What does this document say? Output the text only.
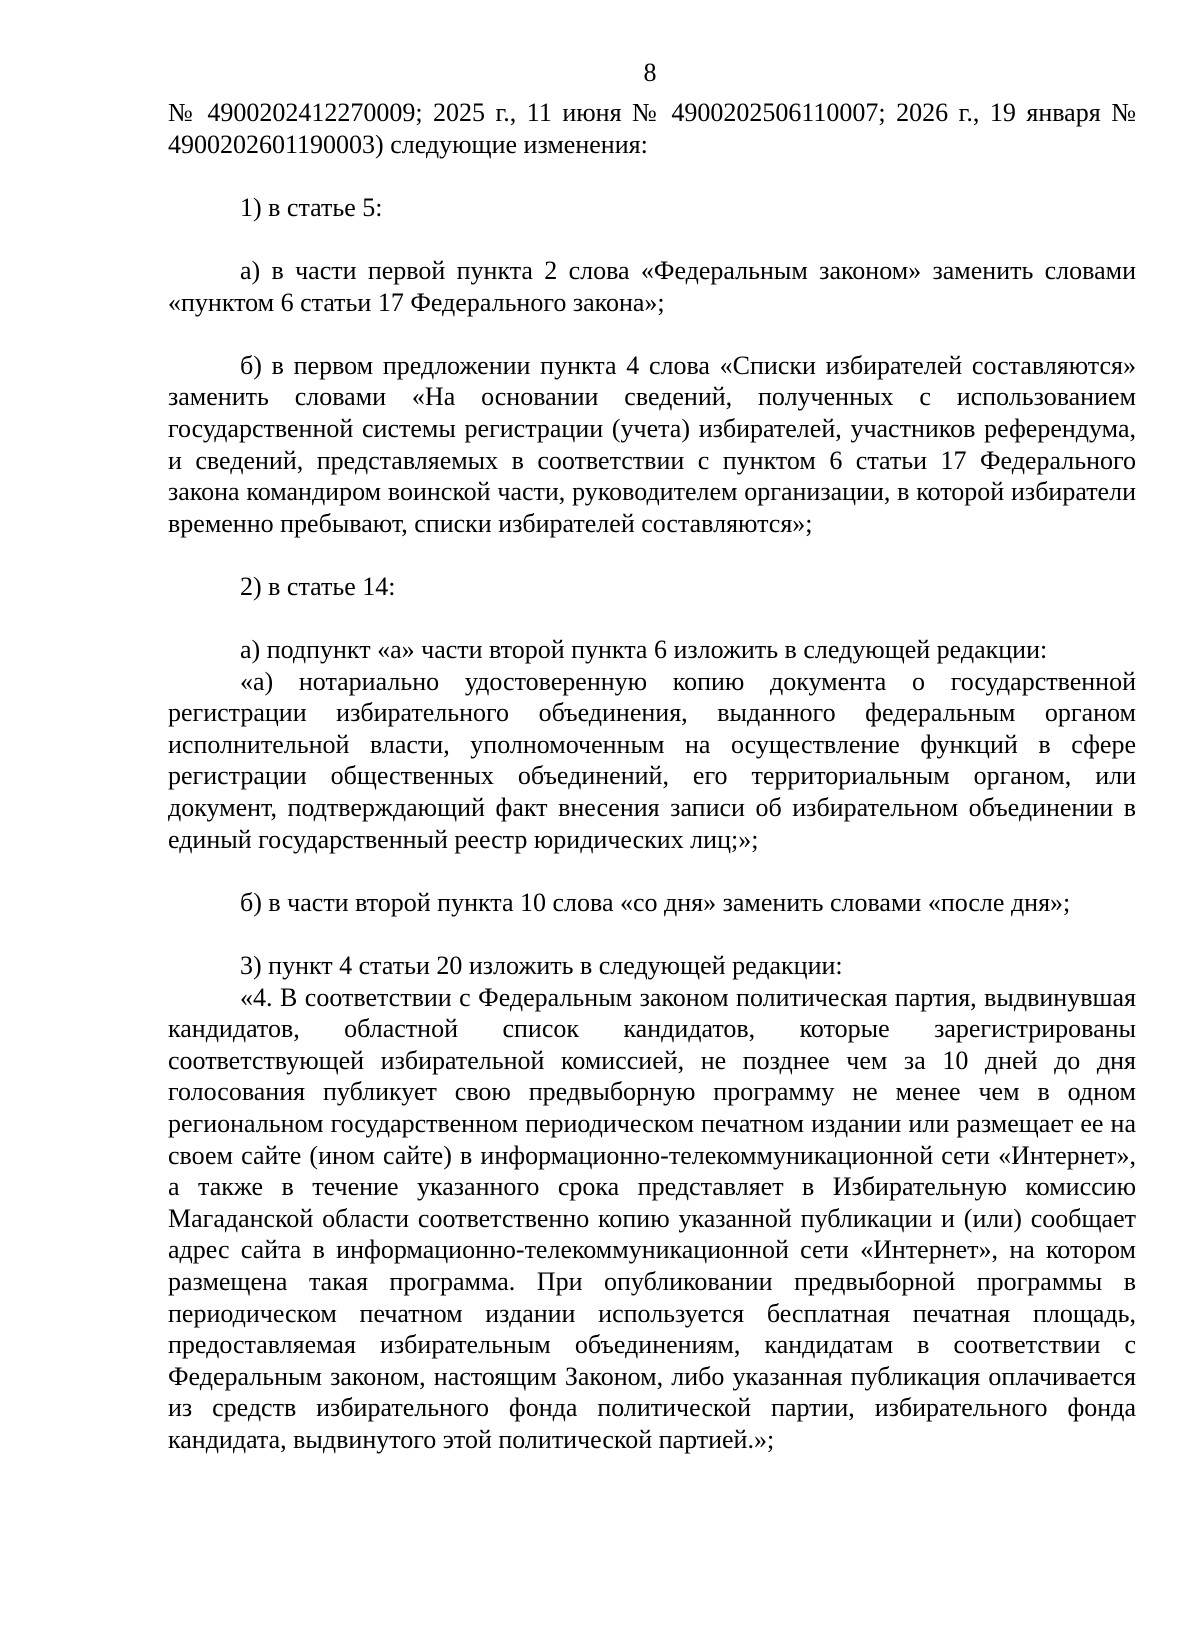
8

№ 4900202412270009; 2025 г., 11 июня № 4900202506110007; 2026 г., 19 января № 4900202601190003) следующие изменения:

1) в статье 5:

а) в части первой пункта 2 слова «Федеральным законом» заменить словами «пунктом 6 статьи 17 Федерального закона»;

б) в первом предложении пункта 4 слова «Списки избирателей составляются» заменить словами «На основании сведений, полученных с использованием государственной системы регистрации (учета) избирателей, участников референдума, и сведений, представляемых в соответствии с пунктом 6 статьи 17 Федерального закона командиром воинской части, руководителем организации, в которой избиратели временно пребывают, списки избирателей составляются»;

2) в статье 14:

а) подпункт «а» части второй пункта 6 изложить в следующей редакции:

«а) нотариально удостоверенную копию документа о государственной регистрации избирательного объединения, выданного федеральным органом исполнительной власти, уполномоченным на осуществление функций в сфере регистрации общественных объединений, его территориальным органом, или документ, подтверждающий факт внесения записи об избирательном объединении в единый государственный реестр юридических лиц;»;

б) в части второй пункта 10 слова «со дня» заменить словами «после дня»;

3) пункт 4 статьи 20 изложить в следующей редакции:

«4. В соответствии с Федеральным законом политическая партия, выдвинувшая кандидатов, областной список кандидатов, которые зарегистрированы соответствующей избирательной комиссией, не позднее чем за 10 дней до дня голосования публикует свою предвыборную программу не менее чем в одном региональном государственном периодическом печатном издании или размещает ее на своем сайте (ином сайте) в информационно-телекоммуникационной сети «Интернет», а также в течение указанного срока представляет в Избирательную комиссию Магаданской области соответственно копию указанной публикации и (или) сообщает адрес сайта в информационно-телекоммуникационной сети «Интернет», на котором размещена такая программа. При опубликовании предвыборной программы в периодическом печатном издании используется бесплатная печатная площадь, предоставляемая избирательным объединениям, кандидатам в соответствии с Федеральным законом, настоящим Законом, либо указанная публикация оплачивается из средств избирательного фонда политической партии, избирательного фонда кандидата, выдвинутого этой политической партией.»;
